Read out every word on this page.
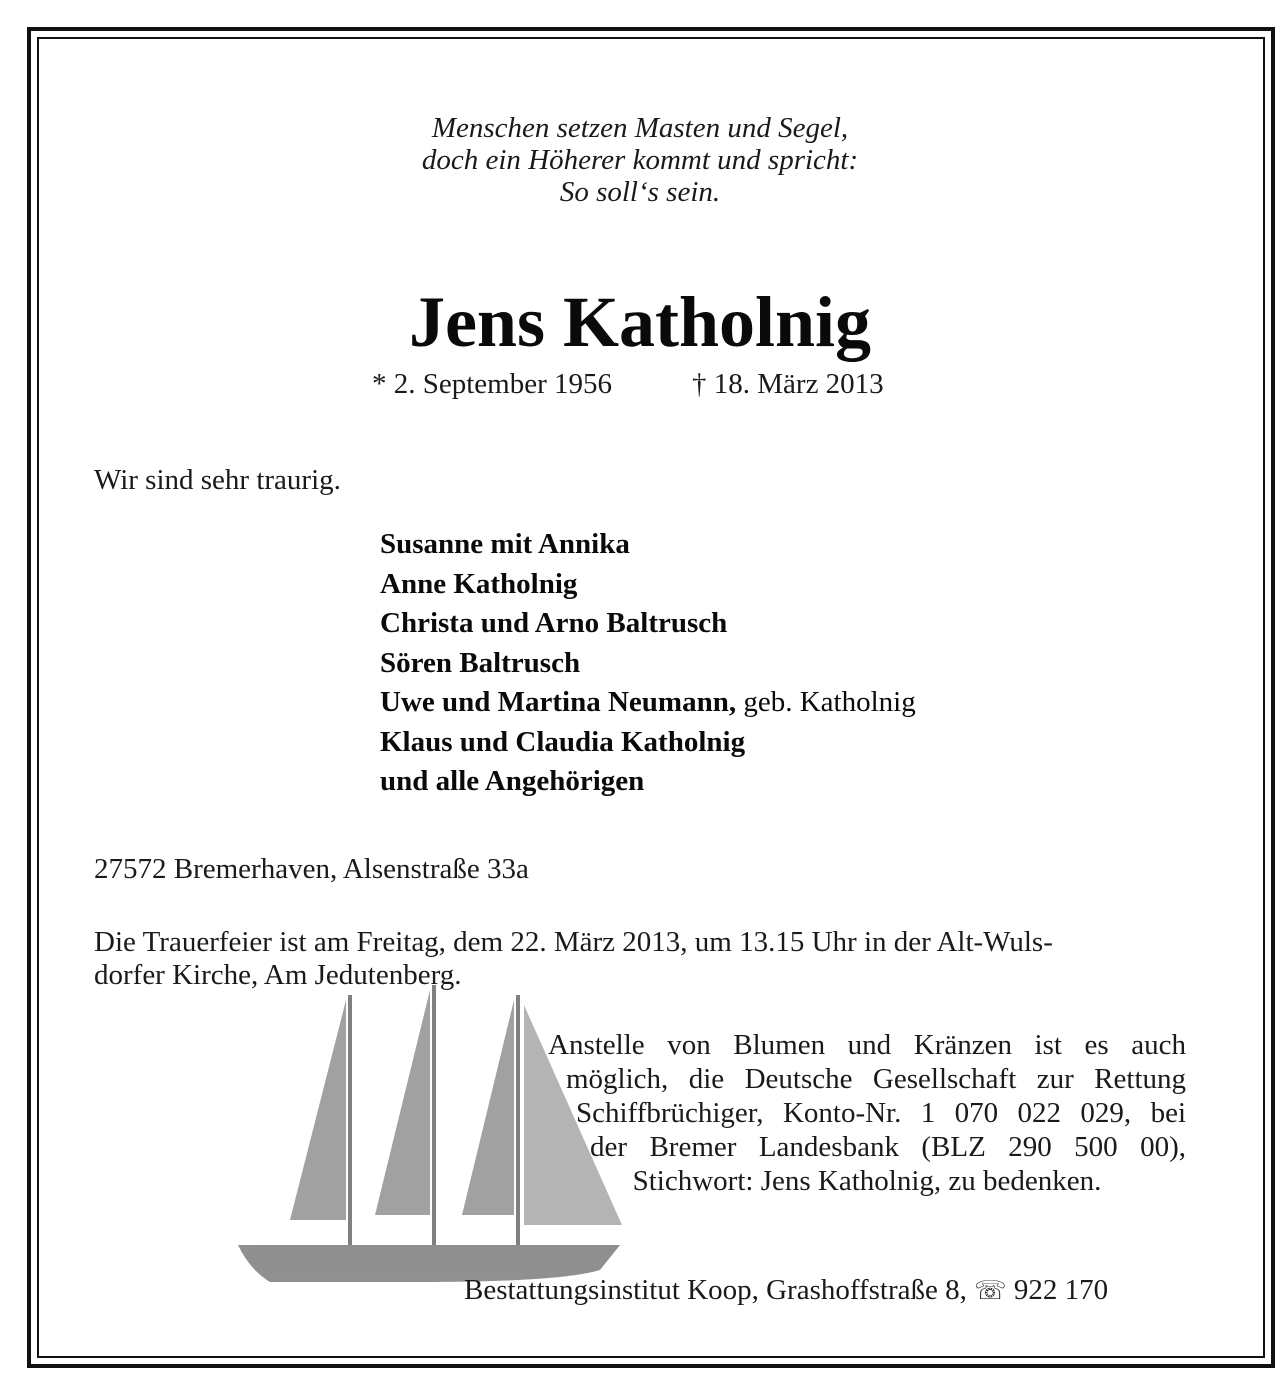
Menschen setzen Masten und Segel,
doch ein Höherer kommt und spricht:
So soll‘s sein.
Jens Katholnig
* 2. September 1956	† 18. März 2013
Wir sind sehr traurig.
Susanne mit Annika
Anne Katholnig
Christa und Arno Baltrusch
Sören Baltrusch
Uwe und Martina Neumann, geb. Katholnig
Klaus und Claudia Katholnig
und alle Angehörigen
27572 Bremerhaven, Alsenstraße 33a
Die Trauerfeier ist am Freitag, dem 22. März 2013, um 13.15 Uhr in der Alt-Wuls-
dorfer Kirche, Am Jedutenberg.
Anstelle von Blumen und Kränzen ist es auch
möglich, die Deutsche Gesellschaft zur Rettung
Schiffbrüchiger, Konto-Nr. 1 070 022 029, bei
der Bremer Landesbank (BLZ 290 500 00),
Stichwort: Jens Katholnig, zu bedenken.
Bestattungsinstitut Koop, Grashoffstraße 8, ☏ 922 170
